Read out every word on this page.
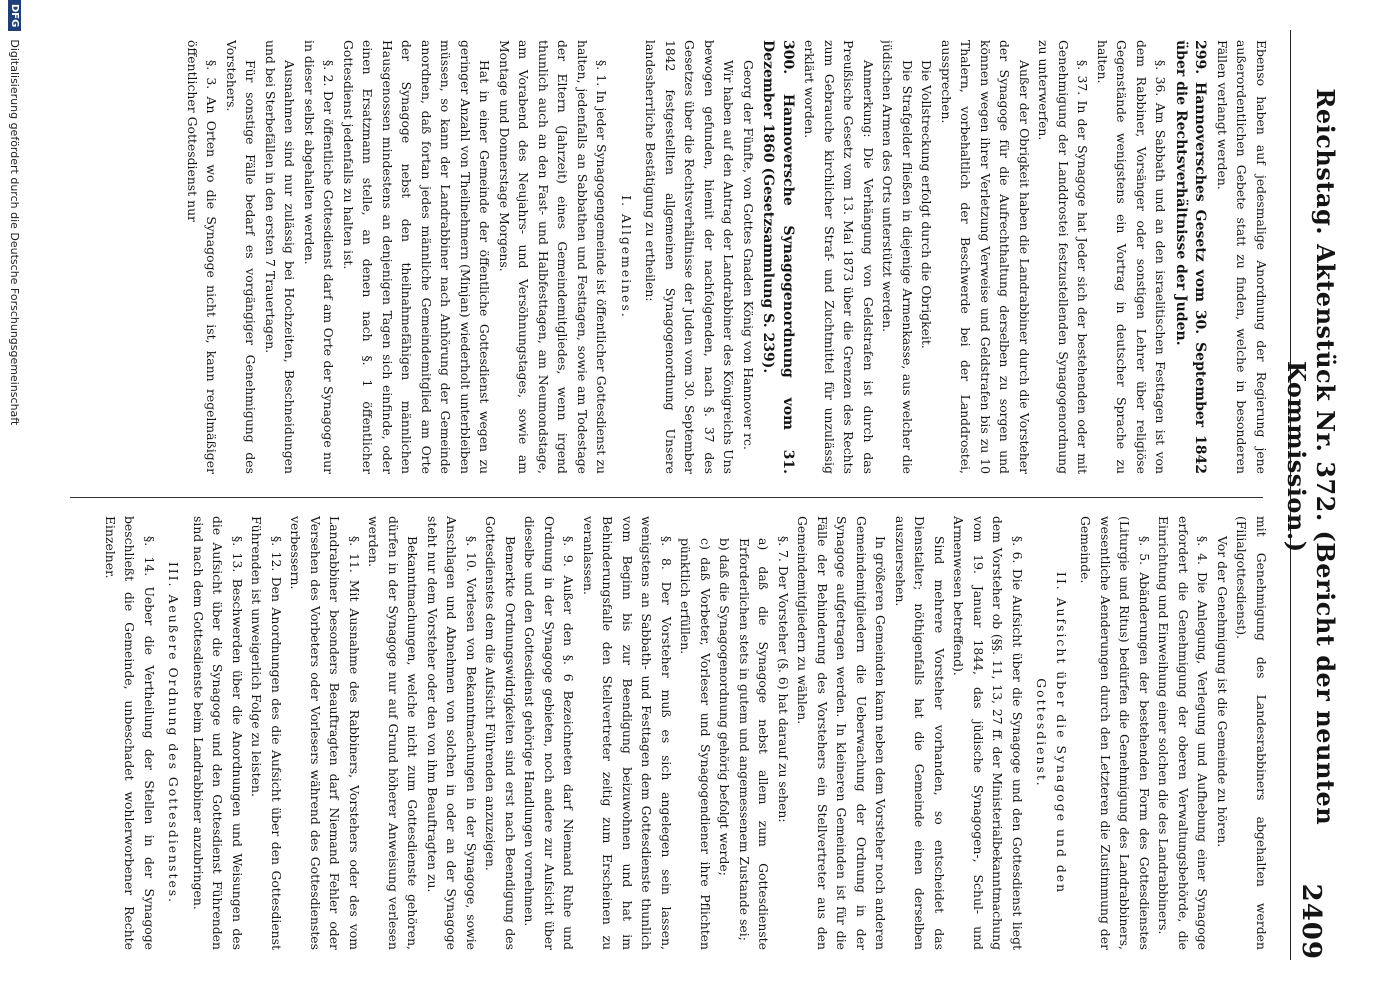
Reichstag. Aktenstück Nr. 372. (Bericht der neunten Kommission.)
2409

Ebenso haben auf jedesmalige Anordnung der Regierung jene außerordentlichen Gebete statt zu finden, welche in besonderen Fällen verlangt werden.

299. Hannoversches Gesetz vom 30. September 1842 über die Rechtsverhältnisse der Juden.

§. 36. Am Sabbath und an den israelitischen Festtagen ist von dem Rabbiner, Vorsänger oder sonstigen Lehrer über religiöse Gegenstände wenigstens ein Vortrag in deutscher Sprache zu halten.

§. 37. In der Synagoge hat Jeder sich der bestehenden oder mit Genehmigung der Landdrostei festzustellenden Synagogenordnung zu unterwerfen.

Außer der Obrigkeit haben die Landrabbiner durch die Vorsteher der Synagoge für die Aufrechthaltung derselben zu sorgen und können wegen ihrer Verletzung Verweise und Geldstrafen bis zu 10 Thalern, vorbehaltlich der Beschwerde bei der Landdrostei, aussprechen.

Die Vollstreckung erfolgt durch die Obrigkeit.

Die Strafgelder fließen in diejenige Armenkasse, aus welcher die jüdischen Armen des Orts unterstützt werden.

Anmerkung: Die Verhängung von Geldstrafen ist durch das Preußische Gesetz vom 13. Mai 1873 über die Grenzen des Rechts zum Gebrauche kirchlicher Straf- und Zuchtmittel für unzulässig erklärt worden.

300. Hannoversche Synagogenordnung vom 31. Dezember 1860 (Gesetzsammlung S. 239).

Georg der Fünfte, von Gottes Gnaden König von Hannover rc.

Wir haben auf den Antrag der Landrabbiner des Königreichs Uns bewogen gefunden, hiemit der nachfolgenden, nach §. 37 des Gesetzes über die Rechtsverhältnisse der Juden vom 30. September 1842 festgestellten allgemeinen Synagogenordnung Unsere landesherrliche Bestätigung zu ertheilen:

I. Allgemeines.

§. 1. In jeder Synagogengemeinde ist öffentlicher Gottesdienst zu halten, jedenfalls an Sabbathen und Festtagen, sowie am Todestage der Eltern (Jahrzeit) eines Gemeindemitgliedes, wenn irgend thunlich auch an den Fast- und Halbfesttagen, am Neumondstage, am Vorabend des Neujahrs- und Versöhnungstages, sowie am Montage und Donnerstage Morgens.

Hat in einer Gemeinde der öffentliche Gottesdienst wegen zu geringer Anzahl von Theilnehmern (Minjan) wiederholt unterbleiben müssen, so kann der Landrabbiner nach Anhörung der Gemeinde anordnen, daß fortan jedes männliche Gemeindemitglied am Orte der Synagoge nebst den theilnahmefähigen männlichen Hausgenossen mindestens an denjenigen Tagen sich einfinde, oder einen Ersatzmann stelle, an denen nach §. 1 öffentlicher Gottesdienst jedenfalls zu halten ist.

§. 2. Der öffentliche Gottesdienst darf am Orte der Synagoge nur in dieser selbst abgehalten werden.

Ausnahmen sind nur zulässig bei Hochzeiten, Beschneidungen und bei Sterbefällen in den ersten 7 Trauertagen.

Für sonstige Fälle bedarf es vorgängiger Genehmigung des Vorstehers.

§. 3. An Orten wo die Synagoge nicht ist, kann regelmäßiger öffentlicher Gottesdienst nur

mit Genehmigung des Landesrabbiners abgehalten werden (Filialgottesdienst).

Vor der Genehmigung ist die Gemeinde zu hören.

§. 4. Die Anlegung, Verlegung und Aufhebung einer Synagoge erfordert die Genehmigung der oberen Verwaltungsbehörde, die Einrichtung und Einweihung einer solchen die des Landrabbiners.

§. 5. Abänderungen der bestehenden Form des Gottesdienstes (Liturgie und Ritus) bedürfen die Genehmigung des Landrabbiners, wesentliche Aenderungen durch den Letzteren die Zustimmung der Gemeinde.

II. Aufsicht über die Synagoge und den Gottesdienst.

§. 6. Die Aufsicht über die Synagoge und den Gottesdienst liegt dem Vorsteher ob (§§. 11, 13, 27 ff. der Ministerialbekanntmachung vom 19. Januar 1844, das jüdische Synagogen-, Schul- und Armenwesen betreffend).

Sind mehrere Vorsteher vorhanden, so entscheidet das Dienstalter; nöthigenfalls hat die Gemeinde einen derselben auszuersehen.

In größeren Gemeinden kann neben dem Vorsteher noch anderen Gemeindemitgliedern die Ueberwachung der Ordnung in der Synagoge aufgetragen werden. In kleineren Gemeinden ist für die Fälle der Behinderung des Vorstehers ein Stellvertreter aus den Gemeindemitgliedern zu wählen.

§. 7. Der Vorsteher (§. 6) hat darauf zu sehen:

a) daß die Synagoge nebst allem zum Gottesdienste Erforderlichen stets in gutem und angemessenem Zustande sei;

b) daß die Synagogenordnung gehörig befolgt werde;

c) daß Vorbeter, Vorleser und Synagogendiener ihre Pflichten pünktlich erfüllen.

§. 8. Der Vorsteher muß es sich angelegen sein lassen, wenigstens an Sabbath- und Festtagen dem Gottesdienste thunlich vom Beginn bis zur Beendigung beizuwohnen und hat im Behinderungsfalle den Stellvertreter zeitig zum Erscheinen zu veranlassen.

§. 9. Außer den §. 6 Bezeichneten darf Niemand Ruhe und Ordnung in der Synagoge gebieten, noch andere zur Aufsicht über dieselbe und den Gottesdienst gehörige Handlungen vornehmen.

Bemerkte Ordnungswidrigkeiten sind erst nach Beendigung des Gottesdienstes dem die Aufsicht Führenden anzuzeigen.

§. 10. Vorlesen von Bekanntmachungen in der Synagoge, sowie Anschlagen und Abnehmen von solchen in oder an der Synagoge steht nur dem Vorsteher oder den von ihm Beauftragten zu.

Bekanntmachungen, welche nicht zum Gottesdienste gehören, dürfen in der Synagoge nur auf Grund höherer Anweisung verlesen werden.

§. 11. Mit Ausnahme des Rabbiners, Vorstehers oder des vom Landrabbiner besonders Beauftragten darf Niemand Fehler oder Versehen des Vorbeters oder Vorlesers während des Gottesdienstes verbessern.

§. 12. Den Anordnungen des die Aufsicht über den Gottesdienst Führenden ist unweigerlich Folge zu leisten.

§. 13. Beschwerden über die Anordnungen und Weisungen des die Aufsicht über die Synagoge und den Gottesdienst Führenden sind nach dem Gottesdienste beim Landrabbiner anzubringen.

III. Aeußere Ordnung des Gottesdienstes.

§. 14. Ueber die Vertheilung der Stellen in der Synagoge beschließt die Gemeinde, unbeschadet wohlerworbener Rechte Einzelner.

DFG
Digitalisierung gefördert durch die Deutsche Forschungsgemeinschaft
